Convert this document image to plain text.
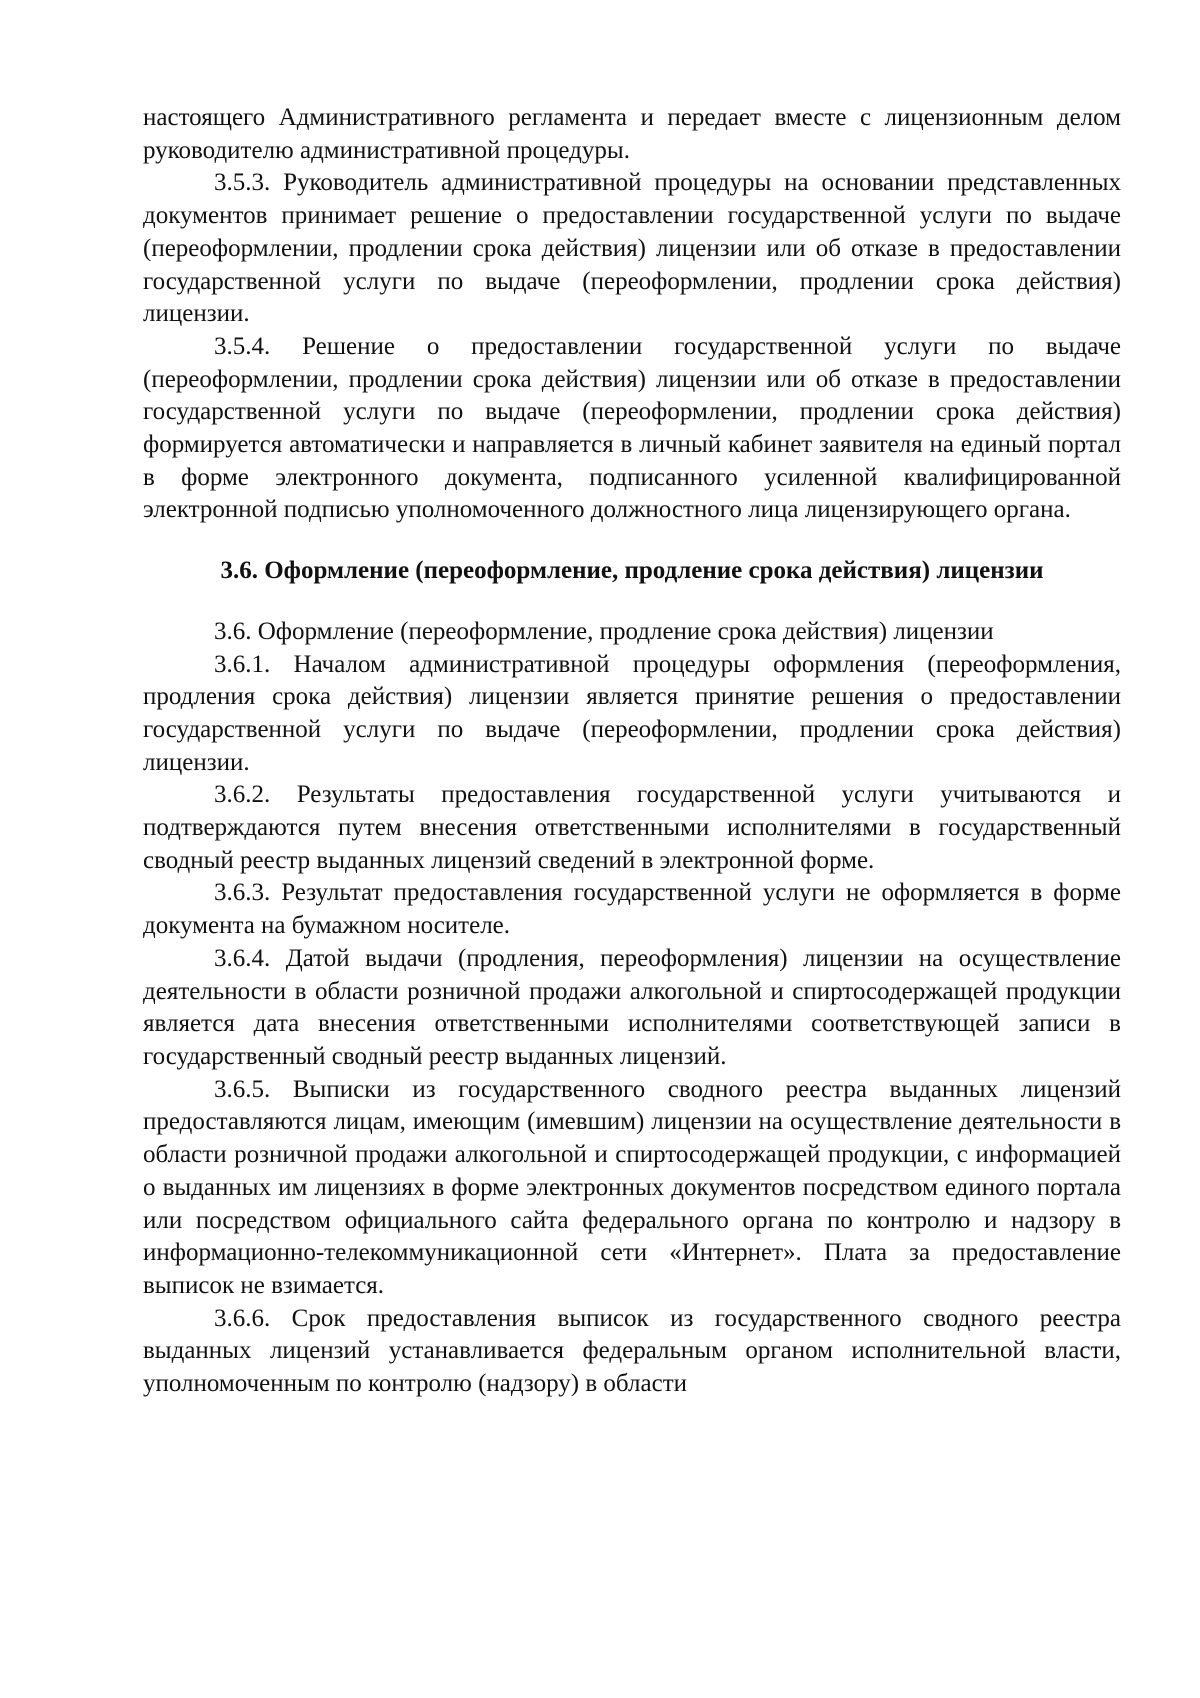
настоящего Административного регламента и передает вместе с лицензионным делом руководителю административной процедуры.

3.5.3. Руководитель административной процедуры на основании представленных документов принимает решение о предоставлении государственной услуги по выдаче (переоформлении, продлении срока действия) лицензии или об отказе в предоставлении государственной услуги по выдаче (переоформлении, продлении срока действия) лицензии.

3.5.4. Решение о предоставлении государственной услуги по выдаче (переоформлении, продлении срока действия) лицензии или об отказе в предоставлении государственной услуги по выдаче (переоформлении, продлении срока действия) формируется автоматически и направляется в личный кабинет заявителя на единый портал в форме электронного документа, подписанного усиленной квалифицированной электронной подписью уполномоченного должностного лица лицензирующего органа.

3.6. Оформление (переоформление, продление срока действия) лицензии

3.6. Оформление (переоформление, продление срока действия) лицензии

3.6.1. Началом административной процедуры оформления (переоформления, продления срока действия) лицензии является принятие решения о предоставлении государственной услуги по выдаче (переоформлении, продлении срока действия) лицензии.

3.6.2. Результаты предоставления государственной услуги учитываются и подтверждаются путем внесения ответственными исполнителями в государственный сводный реестр выданных лицензий сведений в электронной форме.

3.6.3. Результат предоставления государственной услуги не оформляется в форме документа на бумажном носителе.

3.6.4. Датой выдачи (продления, переоформления) лицензии на осуществление деятельности в области розничной продажи алкогольной и спиртосодержащей продукции является дата внесения ответственными исполнителями соответствующей записи в государственный сводный реестр выданных лицензий.

3.6.5. Выписки из государственного сводного реестра выданных лицензий предоставляются лицам, имеющим (имевшим) лицензии на осуществление деятельности в области розничной продажи алкогольной и спиртосодержащей продукции, с информацией о выданных им лицензиях в форме электронных документов посредством единого портала или посредством официального сайта федерального органа по контролю и надзору в информационно-телекоммуникационной сети «Интернет». Плата за предоставление выписок не взимается.

3.6.6. Срок предоставления выписок из государственного сводного реестра выданных лицензий устанавливается федеральным органом исполнительной власти, уполномоченным по контролю (надзору) в области
